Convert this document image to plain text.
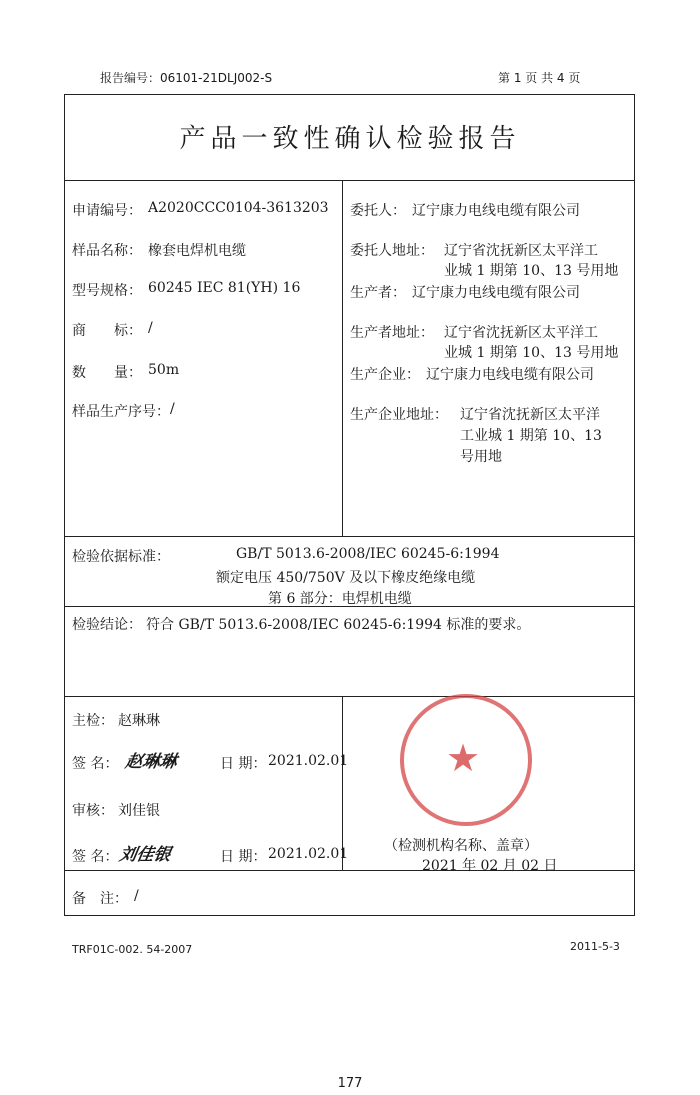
报告编号：06101-21DLJ002-S	第 1 页 共 4 页
产品一致性确认检验报告
申请编号： A2020CCC0104-3613203
样品名称： 橡套电焊机电缆
型号规格： 60245 IEC 81(YH) 16
商　　标： /
数　　量： 50m
样品生产序号： /
委托人： 辽宁康力电线电缆有限公司
委托人地址： 辽宁省沈抚新区太平洋工
业城 1 期第 10、13 号用地
生产者： 辽宁康力电线电缆有限公司
生产者地址： 辽宁省沈抚新区太平洋工
业城 1 期第 10、13 号用地
生产企业： 辽宁康力电线电缆有限公司
生产企业地址： 辽宁省沈抚新区太平洋
工业城 1 期第 10、13
号用地
检验依据标准：	GB/T 5013.6-2008/IEC 60245-6:1994
额定电压 450/750V 及以下橡皮绝缘电缆
第 6 部分：电焊机电缆
检验结论： 符合 GB/T 5013.6-2008/IEC 60245-6:1994 标准的要求。
主检： 赵琳琳
签 名： 赵琳琳	日 期： 2021.02.01
审核： 刘佳银
签 名： 刘佳银	日 期： 2021.02.01
★
（检测机构名称、盖章）
2021 年 02 月 02 日
备　注： /
TRF01C-002. 54-2007	2011-5-3
177
